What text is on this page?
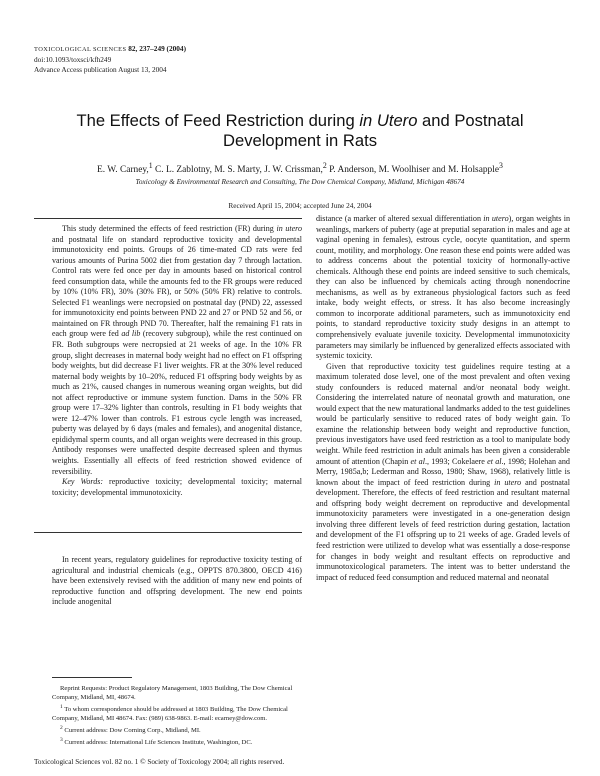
TOXICOLOGICAL SCIENCES 82, 237–249 (2004)
doi:10.1093/toxsci/kfh249
Advance Access publication August 13, 2004
The Effects of Feed Restriction during in Utero and Postnatal
Development in Rats
E. W. Carney,$^1$ C. L. Zablotny, M. S. Marty, J. W. Crissman,$^2$ P. Anderson, M. Woolhiser and M. Holsapple$^3$
Toxicology & Environmental Research and Consulting, The Dow Chemical Company, Midland, Michigan 48674
Received April 15, 2004; accepted June 24, 2004

This study determined the effects of feed restriction (FR) during in utero and postnatal life on standard reproductive toxicity and developmental immunotoxicity end points. Groups of 26 time-mated CD rats were fed various amounts of Purina 5002 diet from gestation day 7 through lactation. Control rats were fed once per day in amounts based on historical control feed consumption data, while the amounts fed to the FR groups were reduced by 10% (10% FR), 30% (30% FR), or 50% (50% FR) relative to controls. Selected F1 weanlings were necropsied on postnatal day (PND) 22, assessed for immunotoxicity end points between PND 22 and 27 or PND 52 and 56, or maintained on FR through PND 70. Thereafter, half the remaining F1 rats in each group were fed ad lib (recovery subgroup), while the rest continued on FR. Both subgroups were necropsied at 21 weeks of age. In the 10% FR group, slight decreases in maternal body weight had no effect on F1 offspring body weights, but did decrease F1 liver weights. FR at the 30% level reduced maternal body weights by 10–20%, reduced F1 offspring body weights by as much as 21%, caused changes in numerous weaning organ weights, but did not affect reproductive or immune system function. Dams in the 50% FR group were 17–32% lighter than controls, resulting in F1 body weights that were 12–47% lower than controls. F1 estrous cycle length was increased, puberty was delayed by 6 days (males and females), and anogenital distance, epididymal sperm counts, and all organ weights were decreased in this group. Antibody responses were unaffected despite decreased spleen and thymus weights. Essentially all effects of feed restriction showed evidence of reversibility.

Key Words: reproductive toxicity; developmental toxicity; maternal toxicity; developmental immunotoxicity.

In recent years, regulatory guidelines for reproductive toxicity testing of agricultural and industrial chemicals (e.g., OPPTS 870.3800, OECD 416) have been extensively revised with the addition of many new end points of reproductive function and offspring development. The new end points include anogenital

Reprint Requests: Product Regulatory Management, 1803 Building, The Dow Chemical Company, Midland, MI, 48674.

$^1$ To whom correspondence should be addressed at 1803 Building, The Dow Chemical Company, Midland, MI 48674. Fax: (989) 638-9863. E-mail: ecarney@dow.com.

$^2$ Current address: Dow Corning Corp., Midland, MI.

$^3$ Current address: International Life Sciences Institute, Washington, DC.

distance (a marker of altered sexual differentiation in utero), organ weights in weanlings, markers of puberty (age at preputial separation in males and age at vaginal opening in females), estrous cycle, oocyte quantitation, and sperm count, motility, and morphology. One reason these end points were added was to address concerns about the potential toxicity of hormonally-active chemicals. Although these end points are indeed sensitive to such chemicals, they can also be influenced by chemicals acting through nonendocrine mechanisms, as well as by extraneous physiological factors such as feed intake, body weight effects, or stress. It has also become increasingly common to incorporate additional parameters, such as immunotoxicity end points, to standard reproductive toxicity study designs in an attempt to comprehensively evaluate juvenile toxicity. Developmental immunotoxicity parameters may similarly be influenced by generalized effects associated with systemic toxicity.

Given that reproductive toxicity test guidelines require testing at a maximum tolerated dose level, one of the most prevalent and often vexing study confounders is reduced maternal and/or neonatal body weight. Considering the interrelated nature of neonatal growth and maturation, one would expect that the new maturational landmarks added to the test guidelines would be particularly sensitive to reduced rates of body weight gain. To examine the relationship between body weight and reproductive function, previous investigators have used feed restriction as a tool to manipulate body weight. While feed restriction in adult animals has been given a considerable amount of attention (Chapin et al., 1993; Cokelaere et al., 1998; Holehan and Merry, 1985a,b; Lederman and Rosso, 1980; Shaw, 1968), relatively little is known about the impact of feed restriction during in utero and postnatal development. Therefore, the effects of feed restriction and resultant maternal and offspring body weight decrement on reproductive and developmental immunotoxicity parameters were investigated in a one-generation design involving three different levels of feed restriction during gestation, lactation and development of the F1 offspring up to 21 weeks of age. Graded levels of feed restriction were utilized to develop what was essentially a dose-response for changes in body weight and resultant effects on reproductive and immunotoxicological parameters. The intent was to better understand the impact of reduced feed consumption and reduced maternal and neonatal

Toxicological Sciences vol. 82 no. 1 © Society of Toxicology 2004; all rights reserved.
